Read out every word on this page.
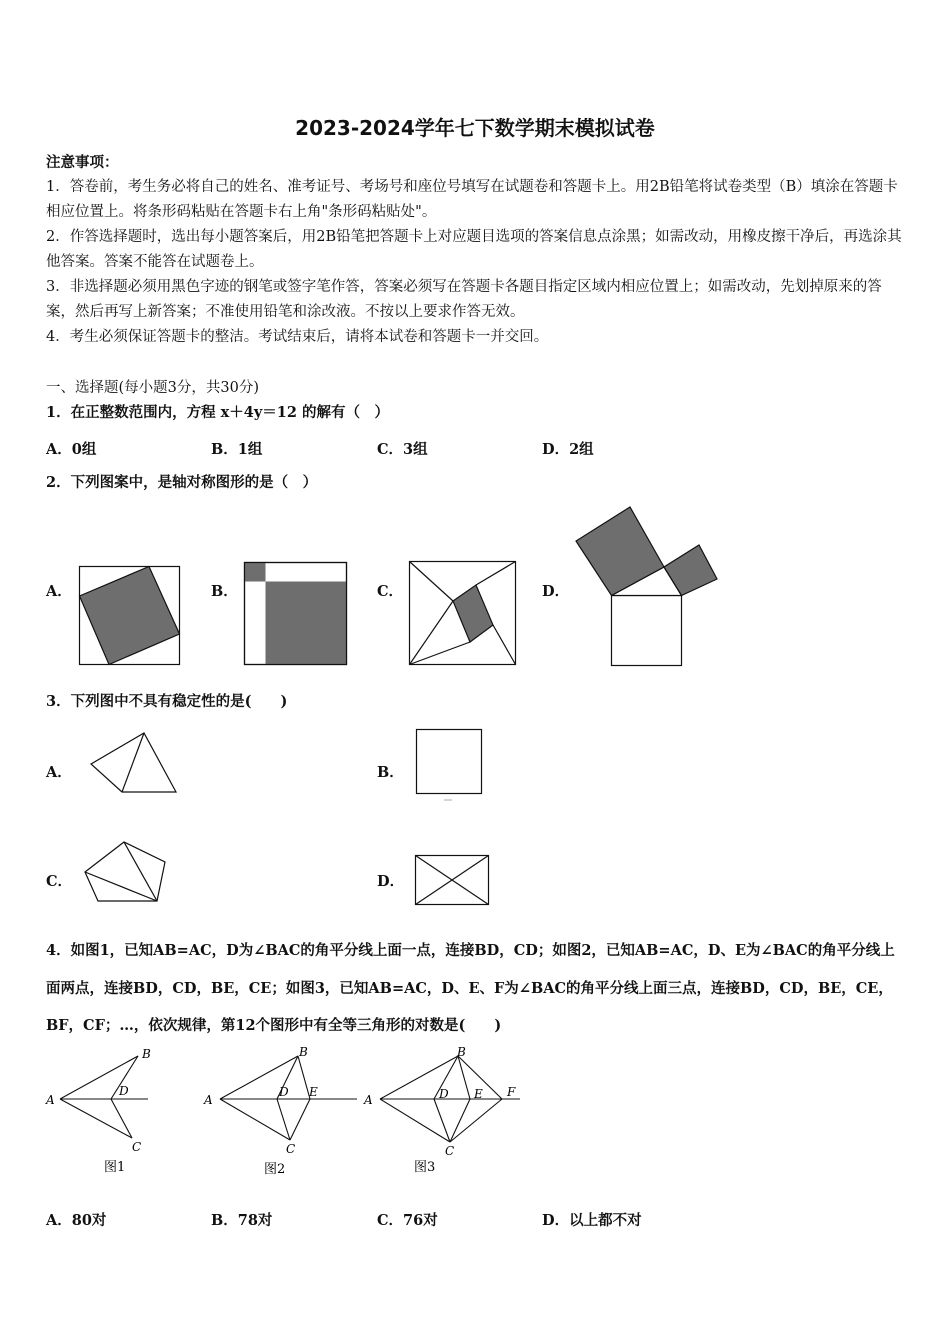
2023-2024学年七下数学期末模拟试卷
注意事项：
1．答卷前，考生务必将自己的姓名、准考证号、考场号和座位号填写在试题卷和答题卡上。用2B铅笔将试卷类型（B）填涂在答题卡相应位置上。将条形码粘贴在答题卡右上角"条形码粘贴处"。
2．作答选择题时，选出每小题答案后，用2B铅笔把答题卡上对应题目选项的答案信息点涂黑；如需改动，用橡皮擦干净后，再选涂其他答案。答案不能答在试题卷上。
3．非选择题必须用黑色字迹的钢笔或签字笔作答，答案必须写在答题卡各题目指定区域内相应位置上；如需改动，先划掉原来的答案，然后再写上新答案；不准使用铅笔和涂改液。不按以上要求作答无效。
4．考生必须保证答题卡的整洁。考试结束后，请将本试卷和答题卡一并交回。
一、选择题(每小题3分，共30分)
1．在正整数范围内，方程 x＋4y＝12 的解有（　）
A．0组	B．1组	C．3组	D．2组
2．下列图案中，是轴对称图形的是（　）
A．	B．	C．	D．
3．下列图中不具有稳定性的是(　　)
A．	B．
C．	D．
4．如图1，已知AB=AC，D为∠BAC的角平分线上面一点，连接BD，CD；如图2，已知AB=AC，D、E为∠BAC的角平分线上面两点，连接BD，CD，BE，CE；如图3，已知AB=AC，D、E、F为∠BAC的角平分线上面三点，连接BD，CD，BE，CE，BF，CF；…，依次规律，第12个图形中有全等三角形的对数是(　　)
A
B
D
C
图1
A
B
D E
C
图2
A
B
D E F
C
图3
A．80对	B．78对	C．76对	D．以上都不对
